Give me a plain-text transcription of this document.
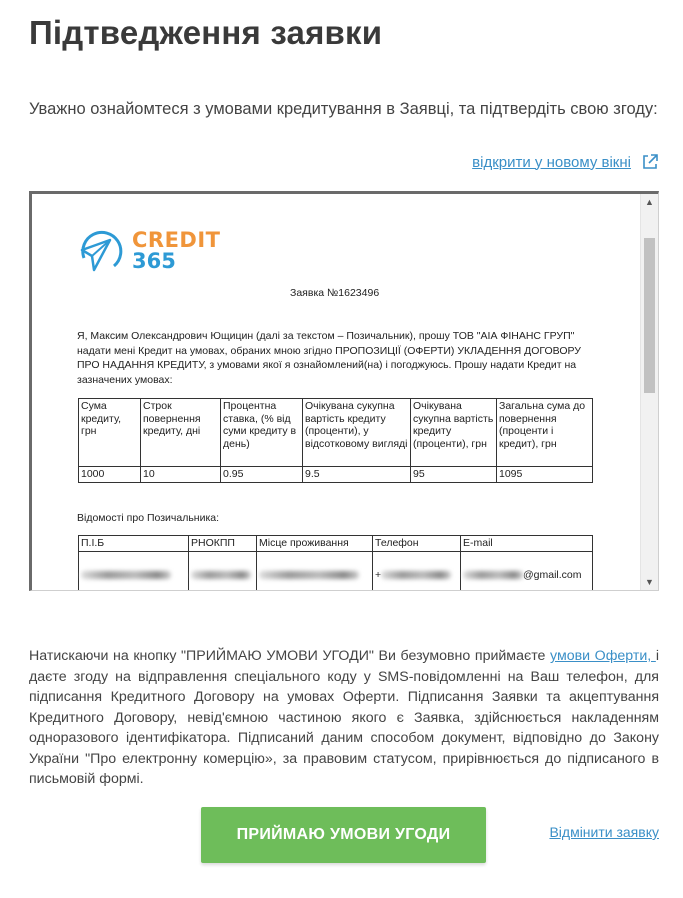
Підтведження заявки

Уважно ознайомтеся з умовами кредитування в Заявці, та підтвердіть свою згоду:

відкрити у новому вікні
CREDIT
365
Заявка №1623496
Я, Максим Олександрович Ющицин (далі за текстом – Позичальник), прошу ТОВ "АІА ФІНАНС ГРУП" надати мені Кредит на умовах, обраних мною згідно ПРОПОЗИЦІЇ (ОФЕРТИ) УКЛАДЕННЯ ДОГОВОРУ ПРО НАДАННЯ КРЕДИТУ, з умовами якої я ознайомлений(на) і погоджуюсь. Прошу надати Кредит на зазначених умовах:
Сума кредиту, грн	Строк повернення кредиту, дні	Процентна ставка, (% від суми кредиту в день)	Очікувана сукупна вартість кредиту (проценти), у відсотковому вигляді	Очікувана сукупна вартість кредиту (проценти), грн	Загальна сума до повернення (проценти і кредит), грн
1000	10	0.95	9.5	95	1095
Відомості про Позичальника:
П.І.Б	РНОКПП	Місце проживання	Телефон	E-mail
			+	@gmail.com
▲
▼

Натискаючи на кнопку "ПРИЙМАЮ УМОВИ УГОДИ" Ви безумовно приймаєте умови Оферти, і даєте згоду на відправлення спеціального коду у SMS-повідомленні на Ваш телефон, для підписання Кредитного Договору на умовах Оферти. Підписання Заявки та акцептування Кредитного Договору, невід'ємною частиною якого є Заявка, здійснюється накладенням одноразового ідентифікатора. Підписаний даним способом документ, відповідно до Закону України "Про електронну комерцію», за правовим статусом, прирівнюється до підписаного в письмовій формі.

ПРИЙМАЮ УМОВИ УГОДИ	Відмінити заявку
